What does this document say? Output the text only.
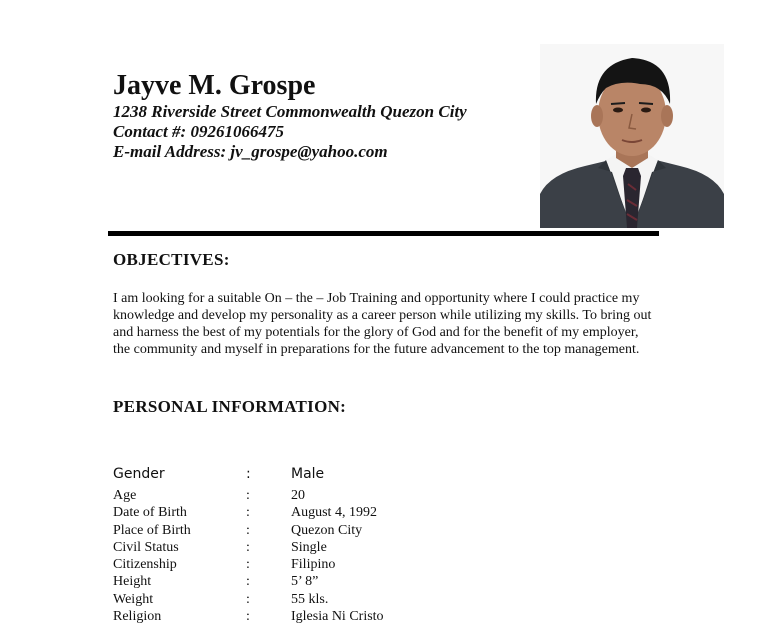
Jayve M. Grospe
1238 Riverside Street Commonwealth Quezon City
Contact #: 09261066475
E-mail Address: jv_grospe@yahoo.com
OBJECTIVES:
I am looking for a suitable On – the – Job Training and opportunity where I could practice my knowledge and develop my personality as a career person while utilizing my skills. To bring out and harness the best of my potentials for the glory of God and for the benefit of my employer, the community and myself in preparations for the future advancement to the top management.
PERSONAL INFORMATION:
Gender	:	Male
Age	:	20
Date of Birth	:	August 4, 1992
Place of Birth	:	Quezon City
Civil Status	:	Single
Citizenship	:	Filipino
Height	:	5’ 8”
Weight	:	55 kls.
Religion	:	Iglesia Ni Cristo
